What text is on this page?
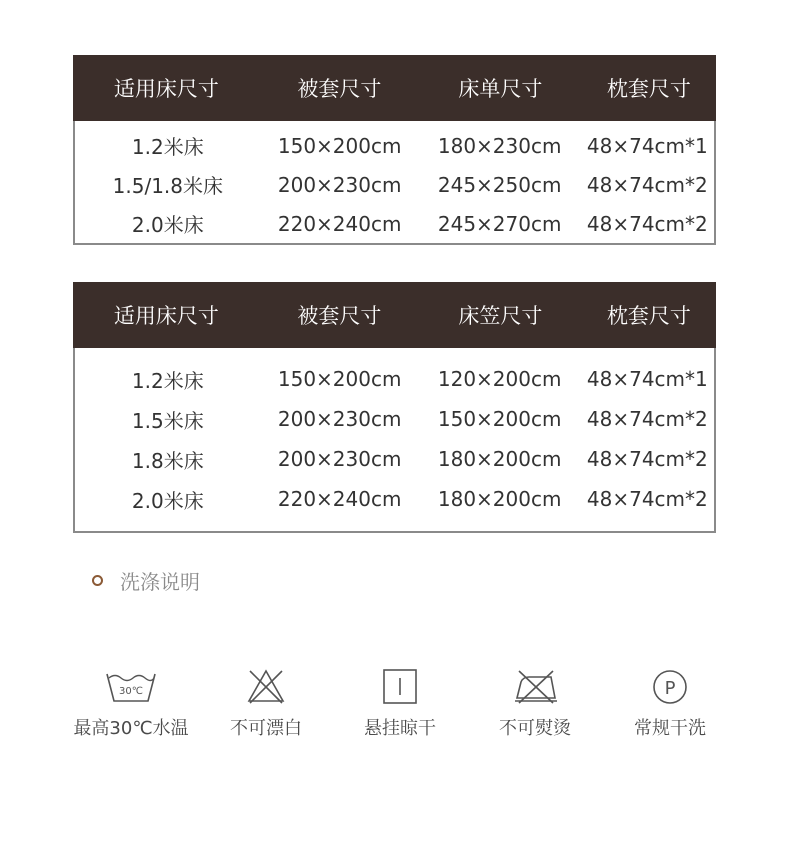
适用床尺寸	被套尺寸	床单尺寸	枕套尺寸
1.2米床	150×200cm	180×230cm	48×74cm*1
1.5/1.8米床	200×230cm	245×250cm	48×74cm*2
2.0米床	220×240cm	245×270cm	48×74cm*2
适用床尺寸	被套尺寸	床笠尺寸	枕套尺寸
1.2米床	150×200cm	120×200cm	48×74cm*1
1.5米床	200×230cm	150×200cm	48×74cm*2
1.8米床	200×230cm	180×200cm	48×74cm*2
2.0米床	220×240cm	180×200cm	48×74cm*2
洗涤说明
30℃
最高30℃水温	不可漂白	悬挂晾干	不可熨烫
P
常规干洗
